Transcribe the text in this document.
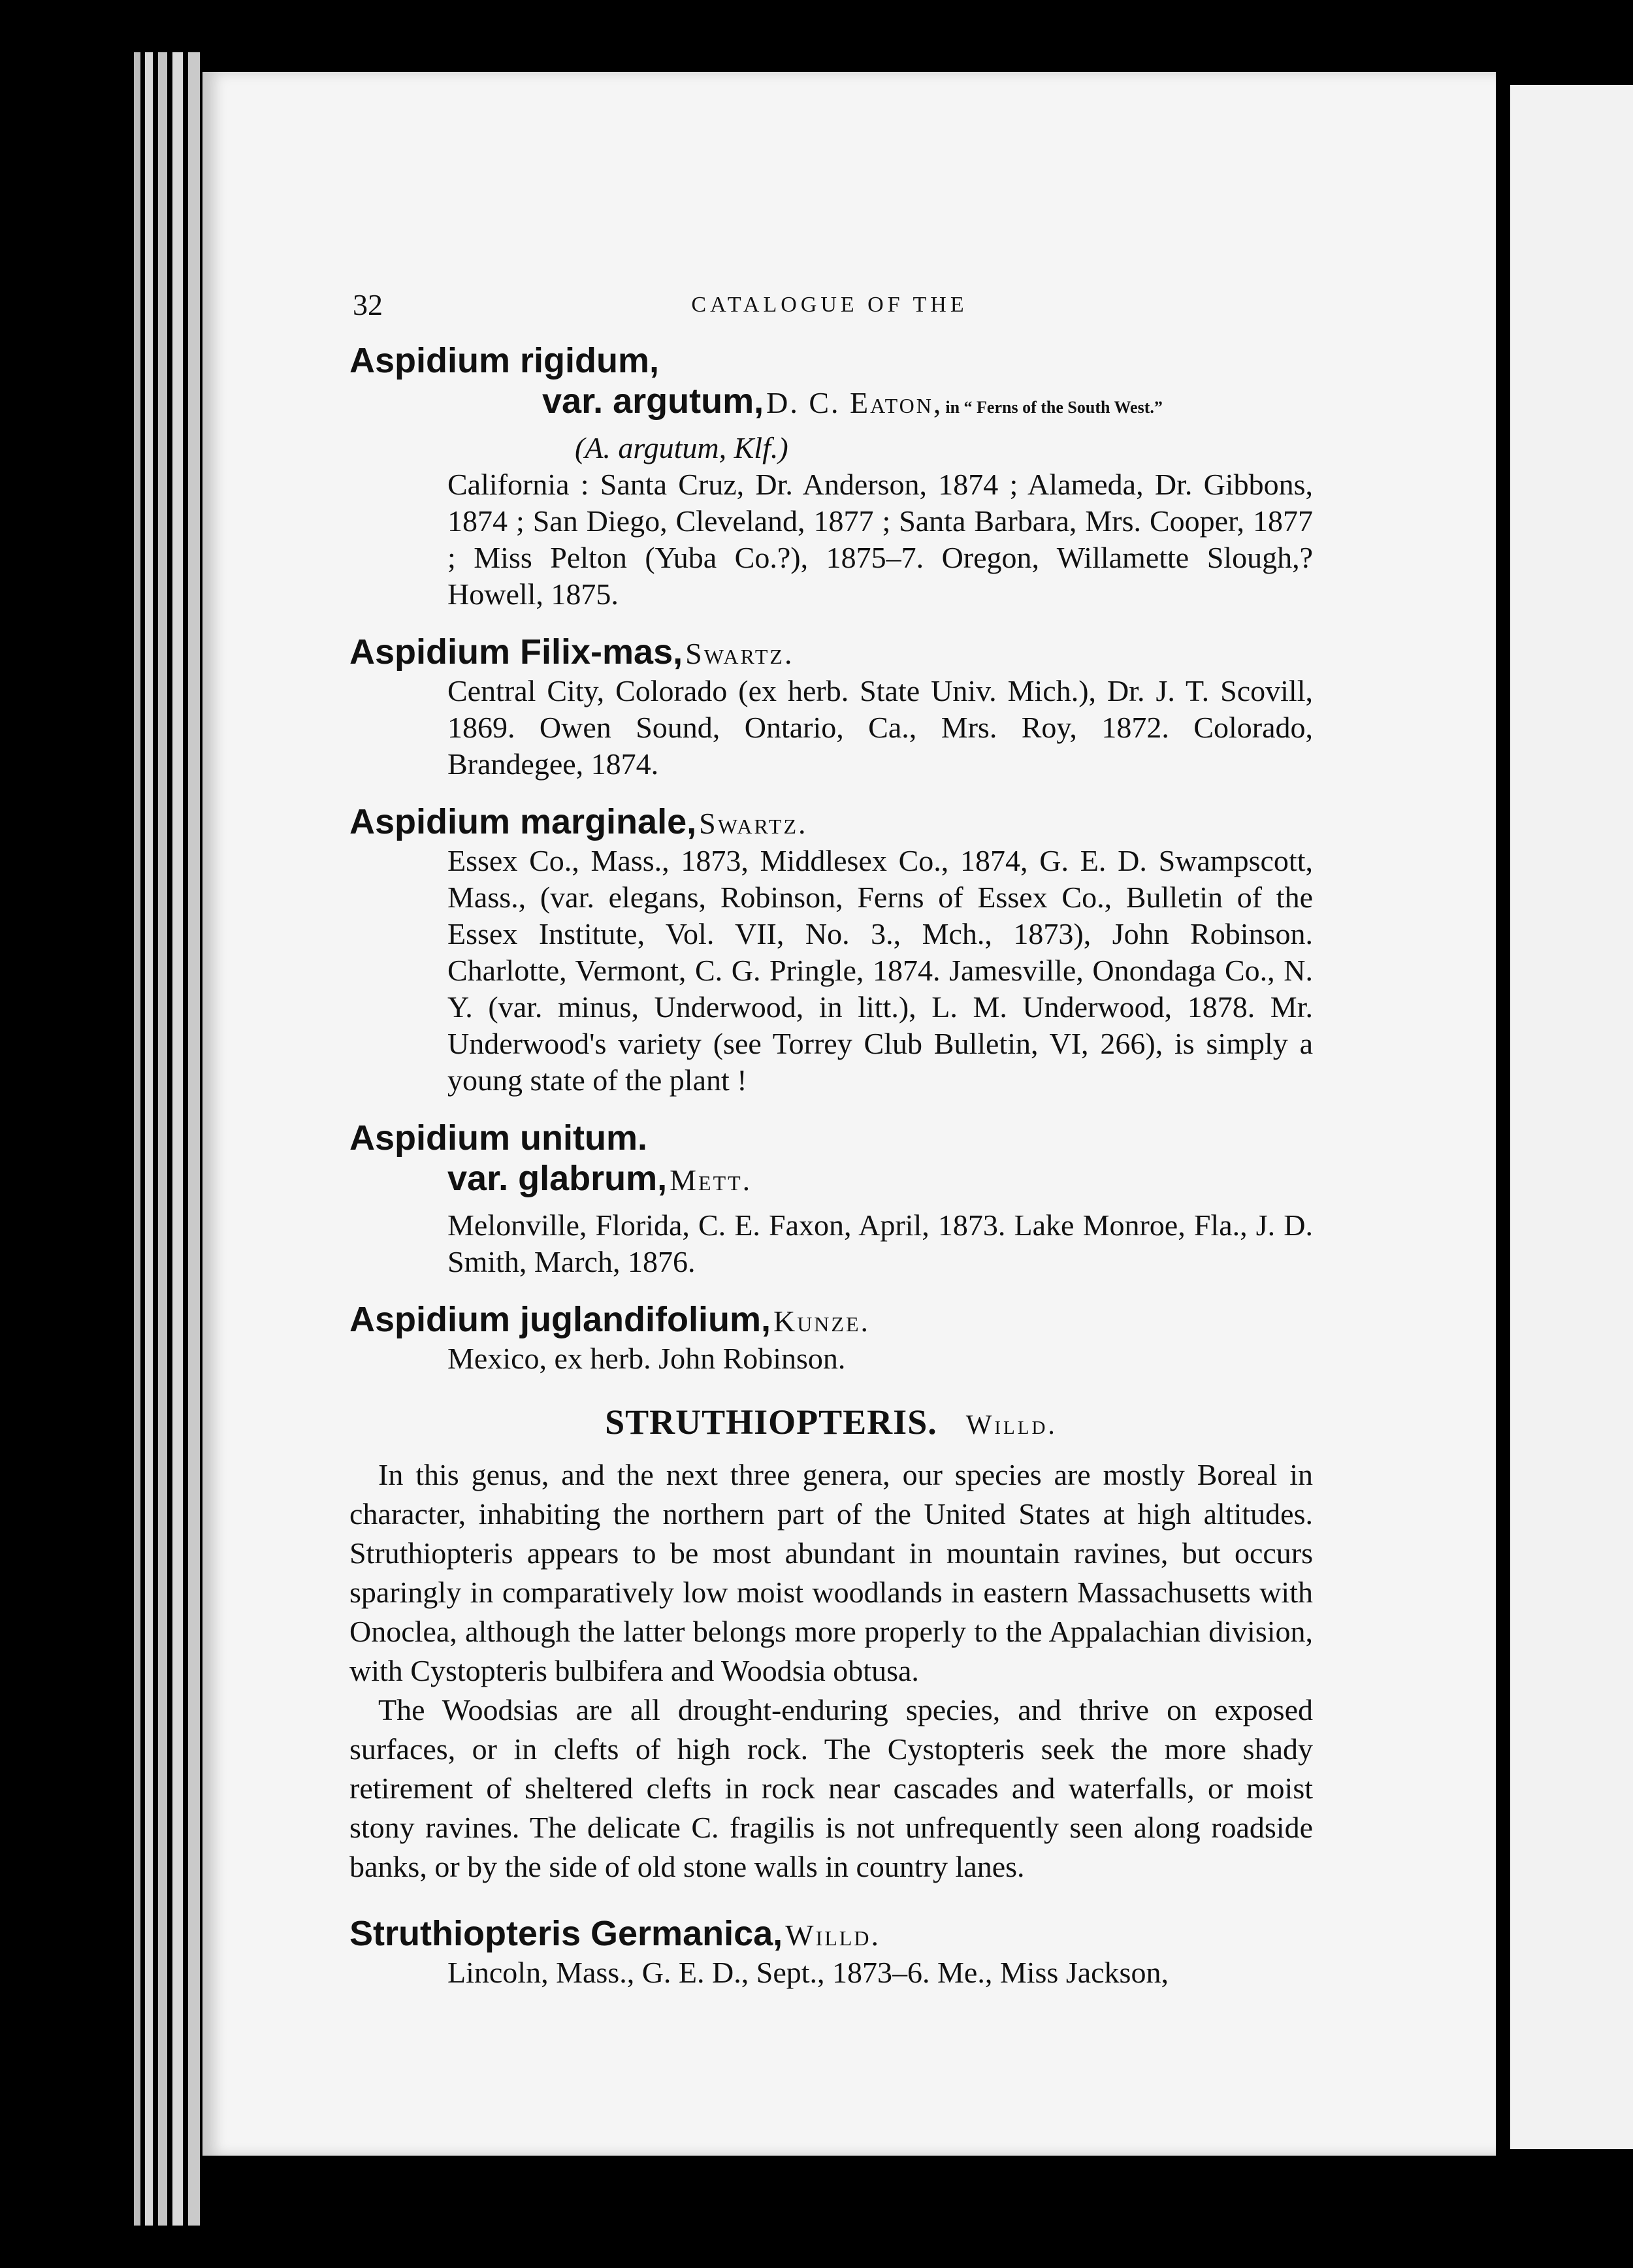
32	CATALOGUE OF THE
Aspidium rigidum,
var. argutum, D. C. Eaton, in “ Ferns of the South West.”
(A. argutum, Klf.)
California : Santa Cruz, Dr. Anderson, 1874 ; Alameda, Dr. Gibbons, 1874 ; San Diego, Cleveland, 1877 ; Santa Barbara, Mrs. Cooper, 1877 ; Miss Pelton (Yuba Co.?), 1875–7. Oregon, Willamette Slough,? Howell, 1875.
Aspidium Filix-mas, Swartz.
Central City, Colorado (ex herb. State Univ. Mich.), Dr. J. T. Scovill, 1869. Owen Sound, Ontario, Ca., Mrs. Roy, 1872. Colorado, Brandegee, 1874.
Aspidium marginale, Swartz.
Essex Co., Mass., 1873, Middlesex Co., 1874, G. E. D. Swampscott, Mass., (var. elegans, Robinson, Ferns of Essex Co., Bulletin of the Essex Institute, Vol. VII, No. 3., Mch., 1873), John Robinson. Charlotte, Vermont, C. G. Pringle, 1874. Jamesville, Onondaga Co., N. Y. (var. minus, Underwood, in litt.), L. M. Underwood, 1878. Mr. Underwood's variety (see Torrey Club Bulletin, VI, 266), is simply a young state of the plant !
Aspidium unitum.
var. glabrum, Mett.
Melonville, Florida, C. E. Faxon, April, 1873. Lake Monroe, Fla., J. D. Smith, March, 1876.
Aspidium juglandifolium, Kunze.
Mexico, ex herb. John Robinson.
STRUTHIOPTERIS. Willd.

In this genus, and the next three genera, our species are mostly Boreal in character, inhabiting the northern part of the United States at high altitudes. Struthiopteris appears to be most abundant in mountain ravines, but occurs sparingly in comparatively low moist woodlands in eastern Massachusetts with Onoclea, although the latter belongs more properly to the Appalachian division, with Cystopteris bulbifera and Woodsia obtusa.

The Woodsias are all drought-enduring species, and thrive on exposed surfaces, or in clefts of high rock. The Cystopteris seek the more shady retirement of sheltered clefts in rock near cascades and waterfalls, or moist stony ravines. The delicate C. fragilis is not unfrequently seen along roadside banks, or by the side of old stone walls in country lanes.

Struthiopteris Germanica, Willd.
Lincoln, Mass., G. E. D., Sept., 1873–6. Me., Miss Jackson,
